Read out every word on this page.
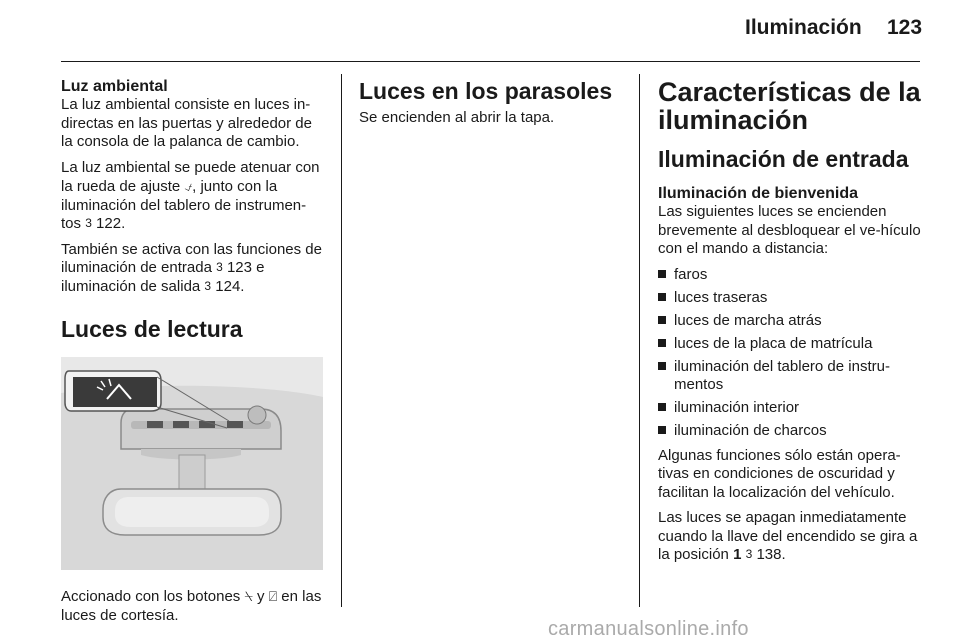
Iluminación 123
Luz ambiental

La luz ambiental consiste en luces in-directas en las puertas y alrededor de la consola de la palanca de cambio.

La luz ambiental se puede atenuar con la rueda de ajuste ⍻, junto con la iluminación del tablero de instrumen-tos 3 122.

También se activa con las funciones de iluminación de entrada 3 123 e iluminación de salida 3 124.

Luces de lectura

Accionado con los botones ⍀ y ⍁ en las luces de cortesía.

Luces en los parasoles

Se encienden al abrir la tapa.

Características de la iluminación
Iluminación de entrada
Iluminación de bienvenida

Las siguientes luces se encienden brevemente al desbloquear el ve-hículo con el mando a distancia:

faros
luces traseras
luces de marcha atrás
luces de la placa de matrícula
iluminación del tablero de instru-mentos
iluminación interior
iluminación de charcos

Algunas funciones sólo están opera-tivas en condiciones de oscuridad y facilitan la localización del vehículo.

Las luces se apagan inmediatamente cuando la llave del encendido se gira a la posición 1 3 138.

carmanualsonline.info
